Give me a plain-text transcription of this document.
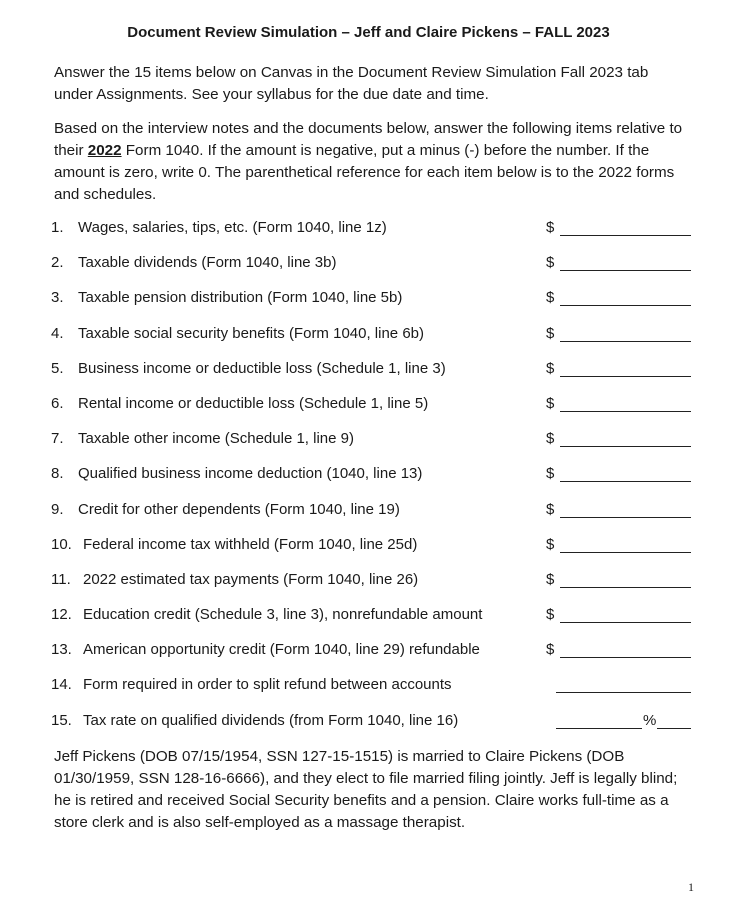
Document Review Simulation – Jeff and Claire Pickens – FALL 2023
Answer the 15 items below on Canvas in the Document Review Simulation Fall 2023 tab under Assignments. See your syllabus for the due date and time.
Based on the interview notes and the documents below, answer the following items relative to their 2022 Form 1040. If the amount is negative, put a minus (-) before the number. If the amount is zero, write 0. The parenthetical reference for each item below is to the 2022 forms and schedules.
1. Wages, salaries, tips, etc. (Form 1040, line 1z)	$
2. Taxable dividends (Form 1040, line 3b)	$
3. Taxable pension distribution (Form 1040, line 5b)	$
4. Taxable social security benefits (Form 1040, line 6b)	$
5. Business income or deductible loss (Schedule 1, line 3)	$
6. Rental income or deductible loss (Schedule 1, line 5)	$
7. Taxable other income (Schedule 1, line 9)	$
8. Qualified business income deduction (1040, line 13)	$
9. Credit for other dependents (Form 1040, line 19)	$
10. Federal income tax withheld (Form 1040, line 25d)	$
11. 2022 estimated tax payments (Form 1040, line 26)	$
12. Education credit (Schedule 3, line 3), nonrefundable amount	$
13. American opportunity credit (Form 1040, line 29) refundable	$
14. Form required in order to split refund between accounts
15. Tax rate on qualified dividends (from Form 1040, line 16)	%
Jeff Pickens (DOB 07/15/1954, SSN 127-15-1515) is married to Claire Pickens (DOB 01/30/1959, SSN 128-16-6666), and they elect to file married filing jointly. Jeff is legally blind; he is retired and received Social Security benefits and a pension. Claire works full-time as a store clerk and is also self-employed as a massage therapist.
1
